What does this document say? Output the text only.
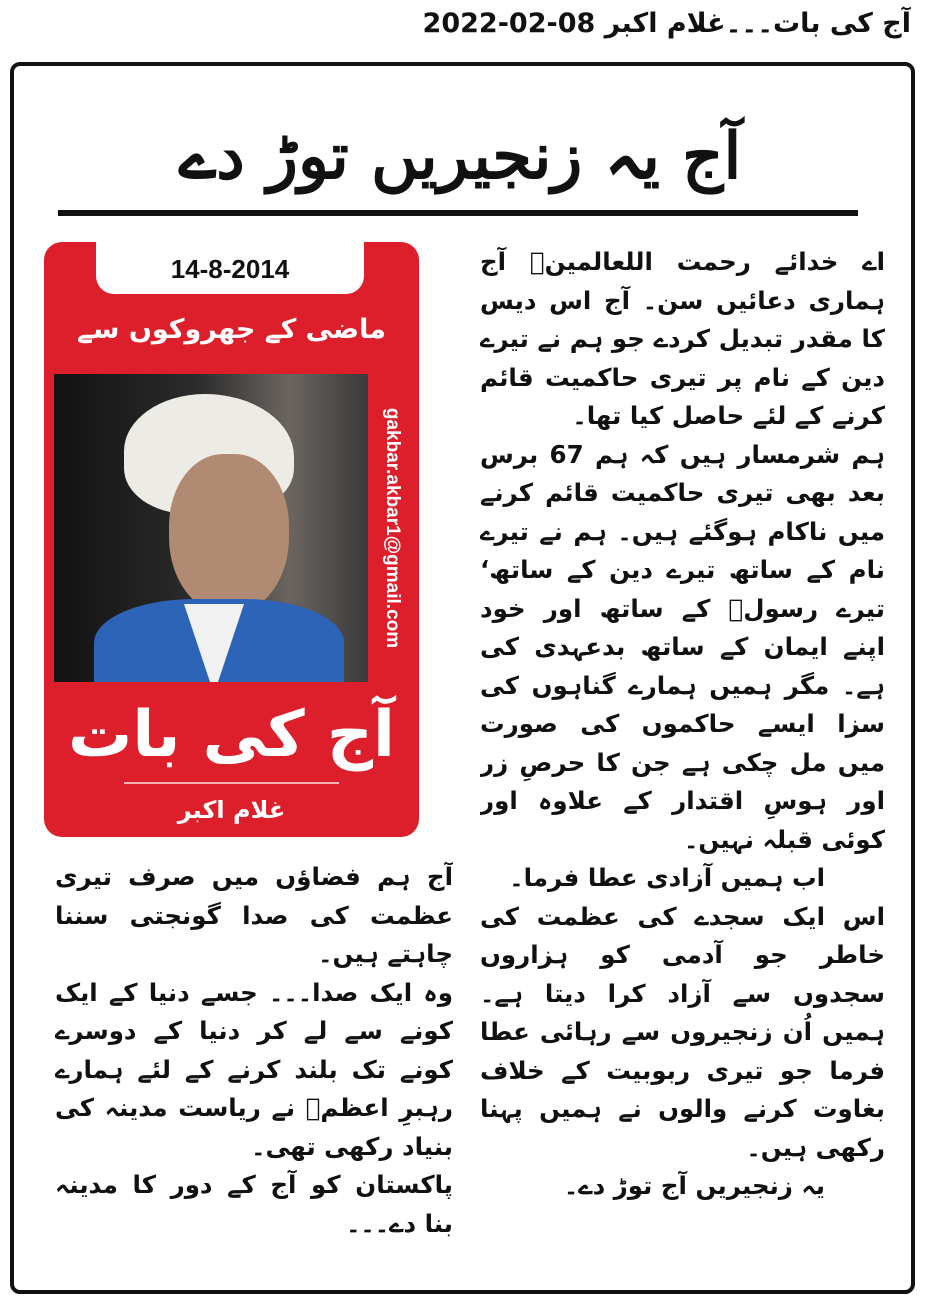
آج کی بات۔۔۔غلام اکبر 08-02-2022
آج یہ زنجیریں توڑ دے

اے خدائے رحمت اللعالمینؐ آج ہماری دعائیں سن۔ آج اس دیس کا مقدر تبدیل کردے جو ہم نے تیرے دین کے نام پر تیری حاکمیت قائم کرنے کے لئے حاصل کیا تھا۔

ہم شرمسار ہیں کہ ہم 67 برس بعد بھی تیری حاکمیت قائم کرنے میں ناکام ہوگئے ہیں۔ ہم نے تیرے نام کے ساتھ تیرے دین کے ساتھ‘ تیرے رسولؐ کے ساتھ اور خود اپنے ایمان کے ساتھ بدعہدی کی ہے۔ مگر ہمیں ہمارے گناہوں کی سزا ایسے حاکموں کی صورت میں مل چکی ہے جن کا حرصِ زر اور ہوسِ اقتدار کے علاوہ اور کوئی قبلہ نہیں۔

اب ہمیں آزادی عطا فرما۔

اس ایک سجدے کی عظمت کی خاطر جو آدمی کو ہزاروں سجدوں سے آزاد کرا دیتا ہے۔ ہمیں اُن زنجیروں سے رہائی عطا فرما جو تیری ربوبیت کے خلاف بغاوت کرنے والوں نے ہمیں پہنا رکھی ہیں۔

یہ زنجیریں آج توڑ دے۔

14-8-2014
ماضی کے جھروکوں سے
gakbar.akbar1@gmail.com
آج کی بات
غلام اکبر

آج ہم فضاؤں میں صرف تیری عظمت کی صدا گونجتی سننا چاہتے ہیں۔

وہ ایک صدا۔۔۔ جسے دنیا کے ایک کونے سے لے کر دنیا کے دوسرے کونے تک بلند کرنے کے لئے ہمارے رہبرِ اعظمؐ نے ریاست مدینہ کی بنیاد رکھی تھی۔

پاکستان کو آج کے دور کا مدینہ بنا دے۔۔۔
